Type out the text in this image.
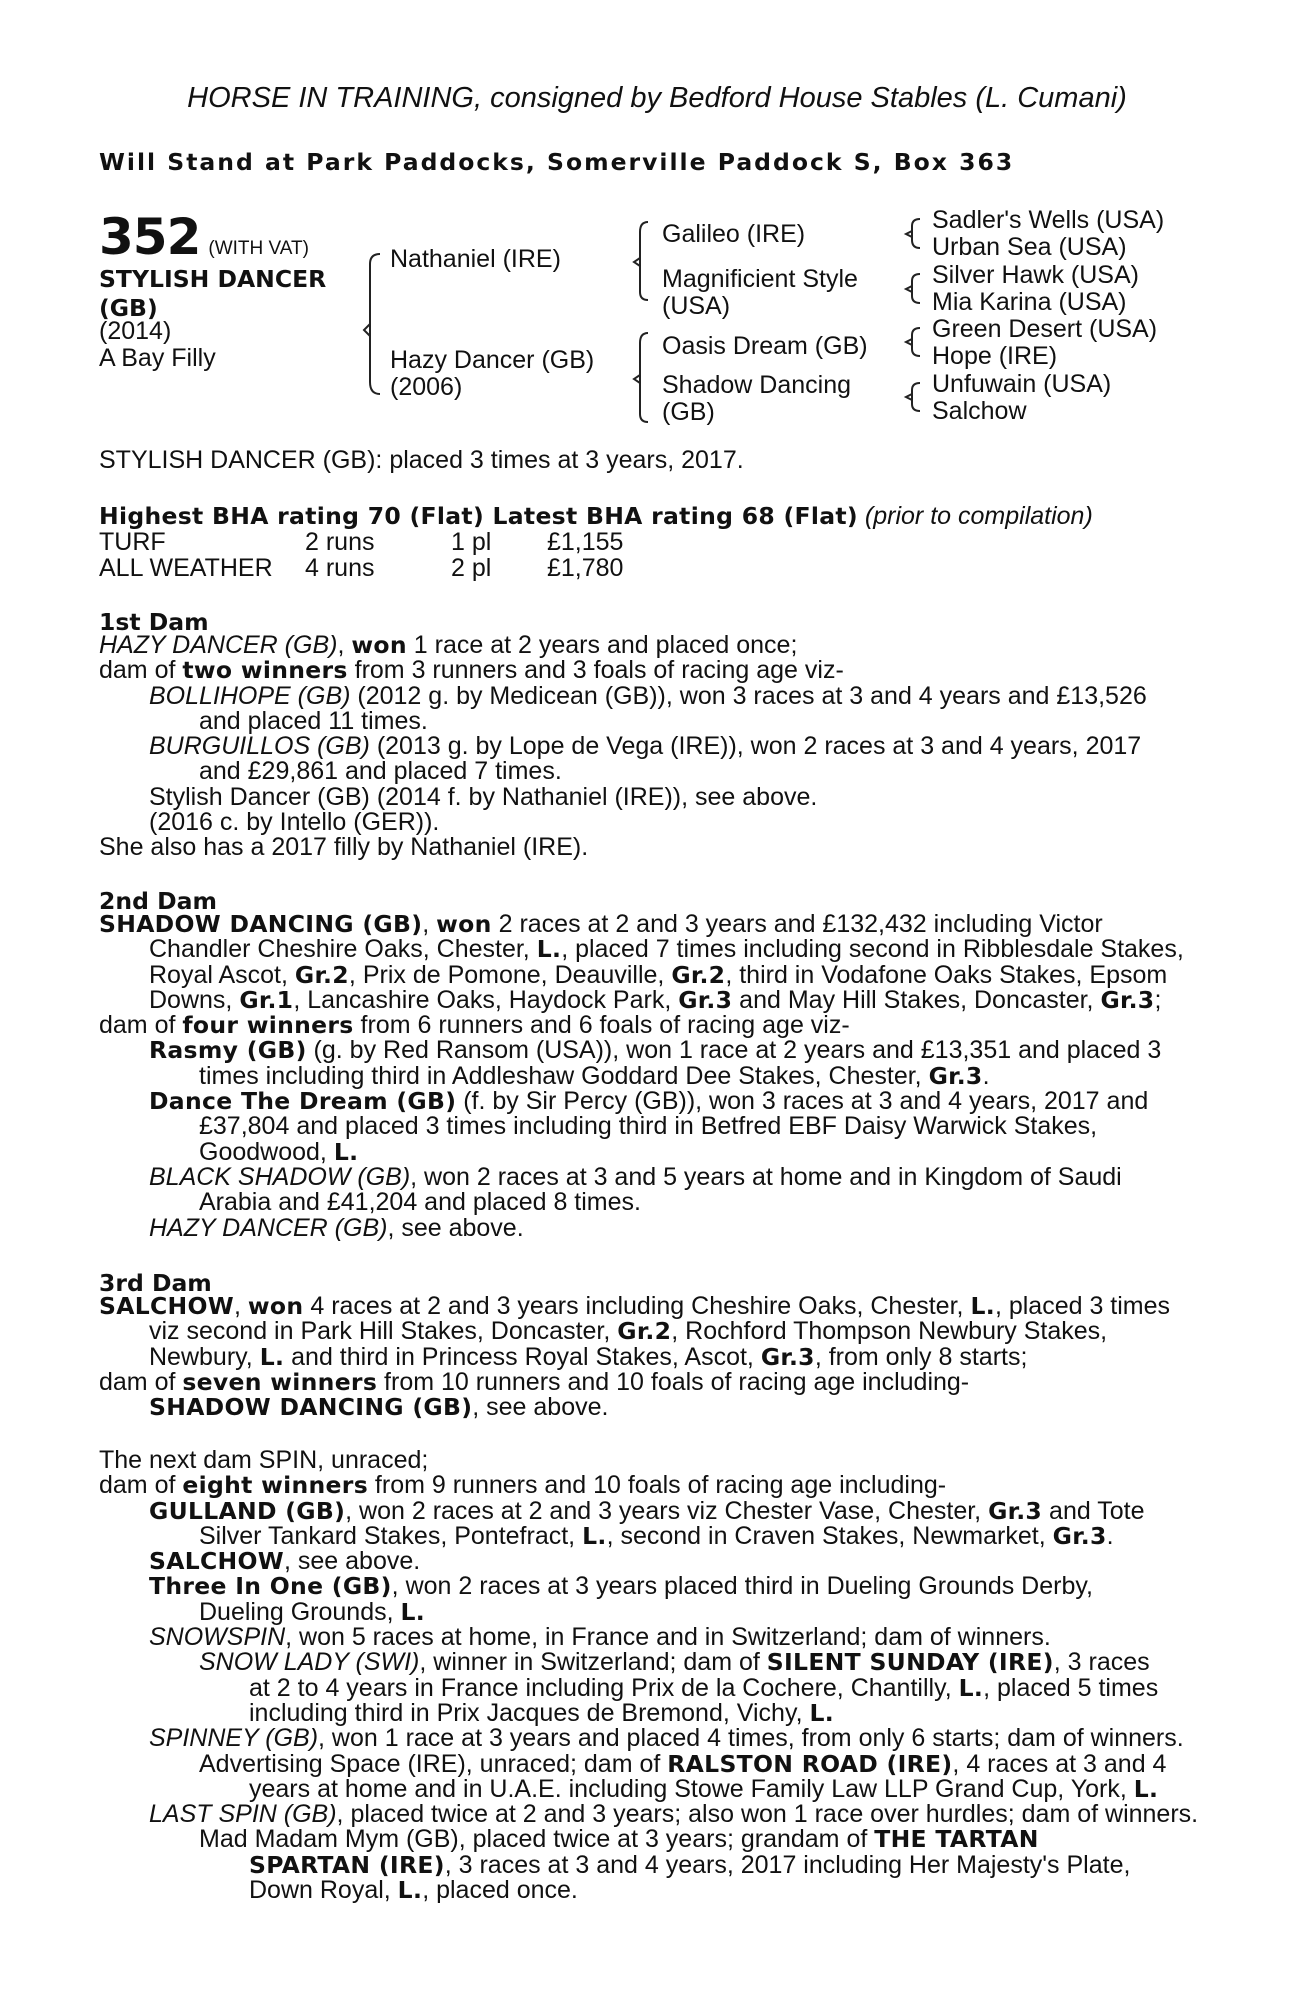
HORSE IN TRAINING, consigned by Bedford House Stables (L. Cumani)
Will Stand at Park Paddocks, Somerville Paddock S, Box 363
352 (WITH VAT)
STYLISH DANCER
(GB)
(2014)
A Bay Filly
Nathaniel (IRE)
Hazy Dancer (GB)
(2006)
Galileo (IRE)
Magnificient Style
(USA)
Oasis Dream (GB)
Shadow Dancing
(GB)
Sadler's Wells (USA)
Urban Sea (USA)
Silver Hawk (USA)
Mia Karina (USA)
Green Desert (USA)
Hope (IRE)
Unfuwain (USA)
Salchow
STYLISH DANCER (GB): placed 3 times at 3 years, 2017.
Highest BHA rating 70 (Flat) Latest BHA rating 68 (Flat) (prior to compilation)
TURF	2 runs	1 pl £1,155
ALL WEATHER 4 runs	2 pl £1,780
1st Dam
HAZY DANCER (GB), won 1 race at 2 years and placed once;
dam of two winners from 3 runners and 3 foals of racing age viz-
BOLLIHOPE (GB) (2012 g. by Medicean (GB)), won 3 races at 3 and 4 years and £13,526
and placed 11 times.
BURGUILLOS (GB) (2013 g. by Lope de Vega (IRE)), won 2 races at 3 and 4 years, 2017
and £29,861 and placed 7 times.
Stylish Dancer (GB) (2014 f. by Nathaniel (IRE)), see above.
(2016 c. by Intello (GER)).
She also has a 2017 filly by Nathaniel (IRE).
2nd Dam
SHADOW DANCING (GB), won 2 races at 2 and 3 years and £132,432 including Victor
Chandler Cheshire Oaks, Chester, L., placed 7 times including second in Ribblesdale Stakes,
Royal Ascot, Gr.2, Prix de Pomone, Deauville, Gr.2, third in Vodafone Oaks Stakes, Epsom
Downs, Gr.1, Lancashire Oaks, Haydock Park, Gr.3 and May Hill Stakes, Doncaster, Gr.3;
dam of four winners from 6 runners and 6 foals of racing age viz-
Rasmy (GB) (g. by Red Ransom (USA)), won 1 race at 2 years and £13,351 and placed 3
times including third in Addleshaw Goddard Dee Stakes, Chester, Gr.3.
Dance The Dream (GB) (f. by Sir Percy (GB)), won 3 races at 3 and 4 years, 2017 and
£37,804 and placed 3 times including third in Betfred EBF Daisy Warwick Stakes,
Goodwood, L.
BLACK SHADOW (GB), won 2 races at 3 and 5 years at home and in Kingdom of Saudi
Arabia and £41,204 and placed 8 times.
HAZY DANCER (GB), see above.
3rd Dam
SALCHOW, won 4 races at 2 and 3 years including Cheshire Oaks, Chester, L., placed 3 times
viz second in Park Hill Stakes, Doncaster, Gr.2, Rochford Thompson Newbury Stakes,
Newbury, L. and third in Princess Royal Stakes, Ascot, Gr.3, from only 8 starts;
dam of seven winners from 10 runners and 10 foals of racing age including-
SHADOW DANCING (GB), see above.
The next dam SPIN, unraced;
dam of eight winners from 9 runners and 10 foals of racing age including-
GULLAND (GB), won 2 races at 2 and 3 years viz Chester Vase, Chester, Gr.3 and Tote
Silver Tankard Stakes, Pontefract, L., second in Craven Stakes, Newmarket, Gr.3.
SALCHOW, see above.
Three In One (GB), won 2 races at 3 years placed third in Dueling Grounds Derby,
Dueling Grounds, L.
SNOWSPIN, won 5 races at home, in France and in Switzerland; dam of winners.
SNOW LADY (SWI), winner in Switzerland; dam of SILENT SUNDAY (IRE), 3 races
at 2 to 4 years in France including Prix de la Cochere, Chantilly, L., placed 5 times
including third in Prix Jacques de Bremond, Vichy, L.
SPINNEY (GB), won 1 race at 3 years and placed 4 times, from only 6 starts; dam of winners.
Advertising Space (IRE), unraced; dam of RALSTON ROAD (IRE), 4 races at 3 and 4
years at home and in U.A.E. including Stowe Family Law LLP Grand Cup, York, L.
LAST SPIN (GB), placed twice at 2 and 3 years; also won 1 race over hurdles; dam of winners.
Mad Madam Mym (GB), placed twice at 3 years; grandam of THE TARTAN
SPARTAN (IRE), 3 races at 3 and 4 years, 2017 including Her Majesty's Plate,
Down Royal, L., placed once.
